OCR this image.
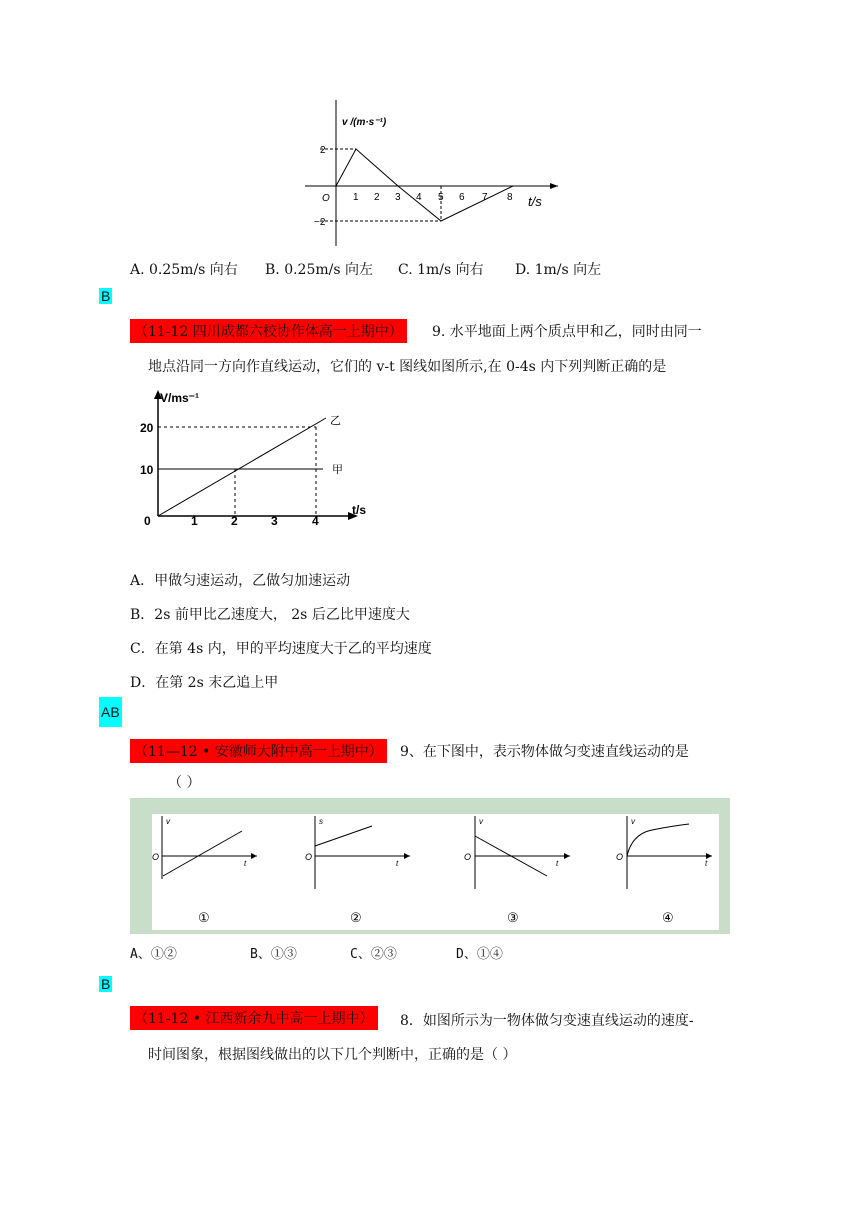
v /(m·s⁻¹)
t/s
O
2
−2
1 2 3 4 5 6 7 8
A. 0.25m/s 向右 B. 0.25m/s 向左 C. 1m/s 向右 D. 1m/s 向左
B
（11-12 四川成都六校协作体高一上期中） 9. 水平地面上两个质点甲和乙，同时由同一
地点沿同一方向作直线运动，它们的 v-t 图线如图所示,在 0-4s 内下列判断正确的是
V/ms⁻¹
t/s
20
10
0	1	2	3	4
乙
甲
A．甲做匀速运动，乙做匀加速运动
B．2s 前甲比乙速度大， 2s 后乙比甲速度大
C．在第 4s 内，甲的平均速度大于乙的平均速度
D．在第 2s 末乙追上甲
AB
（11—12 • 安徽师大附中高一上期中） 9、在下图中，表示物体做匀变速直线运动的是
（ ）
v
O
t
①
s
O
t
②
v
O
t
③
v
O
t
④
A、①②	B、①③	C、②③	D、①④
B
（11-12 • 江西新余九中高一上期中） 8．如图所示为一物体做匀变速直线运动的速度-
时间图象，根据图线做出的以下几个判断中，正确的是（ ）
